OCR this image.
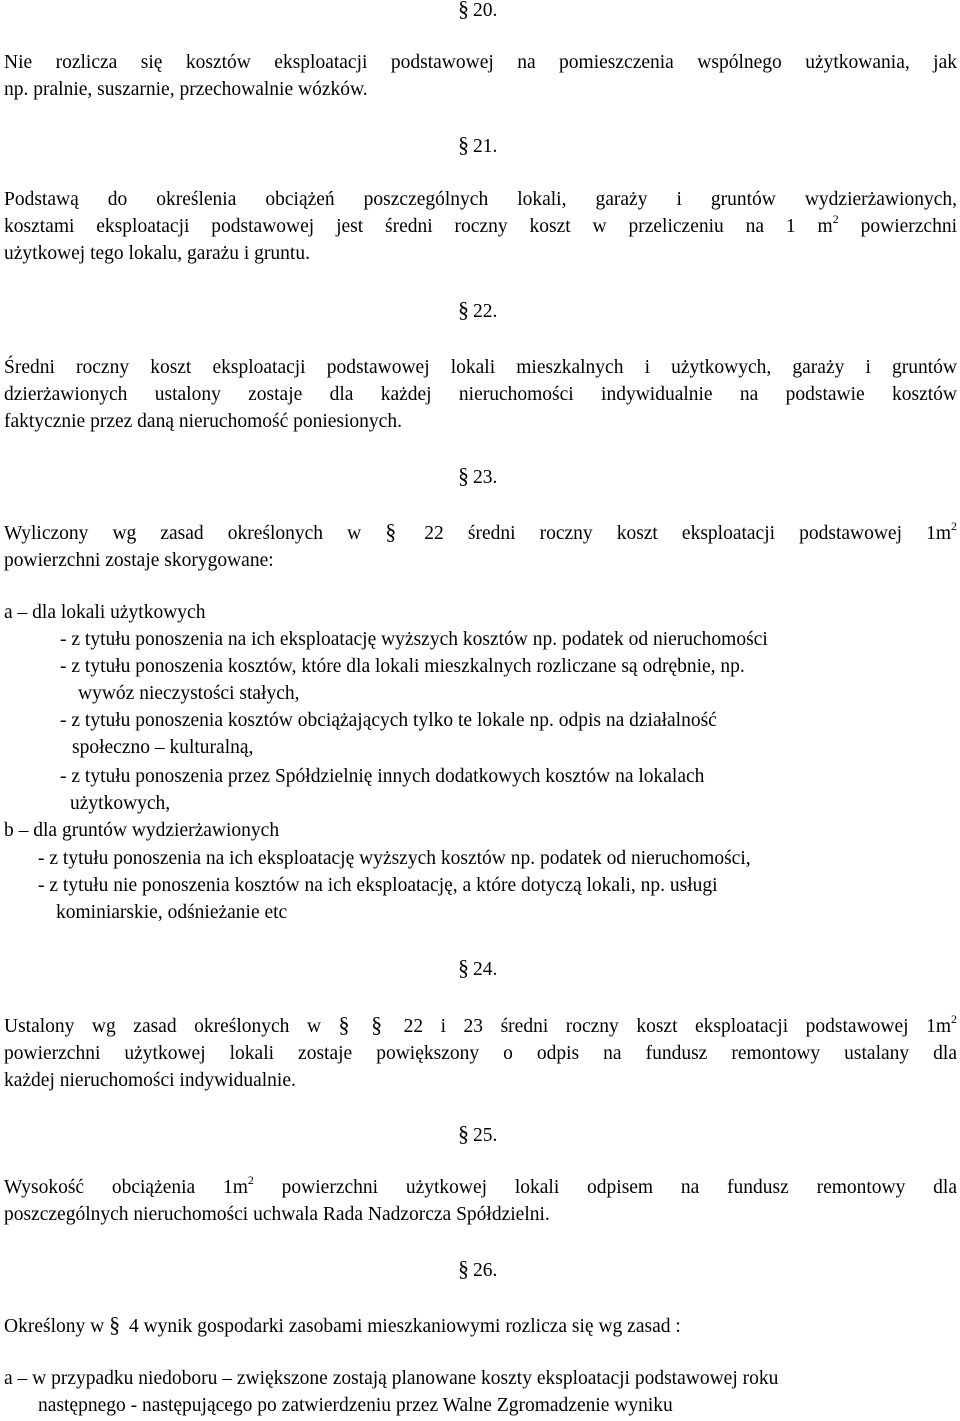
§ 20.
Nie rozlicza się kosztów eksploatacji podstawowej na pomieszczenia wspólnego użytkowania, jak
np. pralnie, suszarnie, przechowalnie wózków.
§ 21.
Podstawą do określenia obciążeń poszczególnych lokali, garaży i gruntów wydzierżawionych,
kosztami eksploatacji podstawowej jest średni roczny koszt w przeliczeniu na 1 $m^2$ powierzchni
użytkowej tego lokalu, garażu i gruntu.
§ 22.
Średni roczny koszt eksploatacji podstawowej lokali mieszkalnych i użytkowych, garaży i gruntów
dzierżawionych ustalony zostaje dla każdej nieruchomości indywidualnie na podstawie kosztów
faktycznie przez daną nieruchomość poniesionych.
§ 23.
Wyliczony wg zasad określonych w § 22 średni roczny koszt eksploatacji podstawowej $1m^2$
powierzchni zostaje skorygowane:
a – dla lokali użytkowych
- z tytułu ponoszenia na ich eksploatację wyższych kosztów np. podatek od nieruchomości
- z tytułu ponoszenia kosztów, które dla lokali mieszkalnych rozliczane są odrębnie, np.
wywóz nieczystości stałych,
- z tytułu ponoszenia kosztów obciążających tylko te lokale np. odpis na działalność
społeczno – kulturalną,
- z tytułu ponoszenia przez Spółdzielnię innych dodatkowych kosztów na lokalach
użytkowych,
b – dla gruntów wydzierżawionych
- z tytułu ponoszenia na ich eksploatację wyższych kosztów np. podatek od nieruchomości,
- z tytułu nie ponoszenia kosztów na ich eksploatację, a które dotyczą lokali, np. usługi
kominiarskie, odśnieżanie etc
§ 24.
Ustalony wg zasad określonych w § § 22 i 23 średni roczny koszt eksploatacji podstawowej $1m^2$
powierzchni użytkowej lokali zostaje powiększony o odpis na fundusz remontowy ustalany dla
każdej nieruchomości indywidualnie.
§ 25.
Wysokość obciążenia $1m^2$ powierzchni użytkowej lokali odpisem na fundusz remontowy dla
poszczególnych nieruchomości uchwala Rada Nadzorcza Spółdzielni.
§ 26.
Określony w § 4 wynik gospodarki zasobami mieszkaniowymi rozlicza się wg zasad :
a – w przypadku niedoboru – zwiększone zostają planowane koszty eksploatacji podstawowej roku
następnego - następującego po zatwierdzeniu przez Walne Zgromadzenie wyniku
